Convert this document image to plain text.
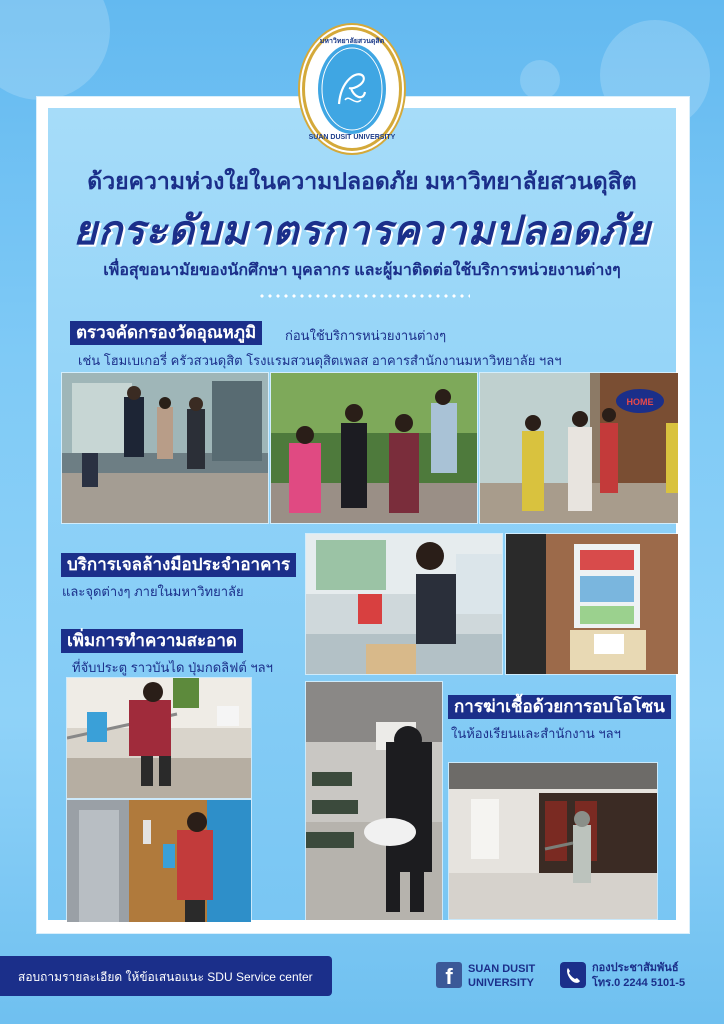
มหาวิทยาลัยสวนดุสิต
SUAN DUSIT UNIVERSITY
ด้วยความห่วงใยในความปลอดภัย มหาวิทยาลัยสวนดุสิต
ยกระดับมาตรการความปลอดภัย
เพื่อสุขอนามัยของนักศึกษา บุคลากร และผู้มาติดต่อใช้บริการหน่วยงานต่างๆ
ตรวจคัดกรองวัดอุณหภูมิ	ก่อนใช้บริการหน่วยงานต่างๆ
เช่น โฮมเบเกอรี่ ครัวสวนดุสิต โรงแรมสวนดุสิตเพลส อาคารสำนักงานมหาวิทยาลัย ฯลฯ
HOME
บริการเจลล้างมือประจำอาคาร
และจุดต่างๆ ภายในมหาวิทยาลัย
เพิ่มการทำความสะอาด
ที่จับประตู ราวบันได ปุ่มกดลิฟต์ ฯลฯ
การฆ่าเชื้อด้วยการอบโอโซน
ในห้องเรียนและสำนักงาน ฯลฯ
สอบถามรายละเอียด ให้ข้อเสนอแนะ SDU Service center	f	SUAN DUSIT
UNIVERSITY
กองประชาสัมพันธ์
โทร.0 2244 5101-5
